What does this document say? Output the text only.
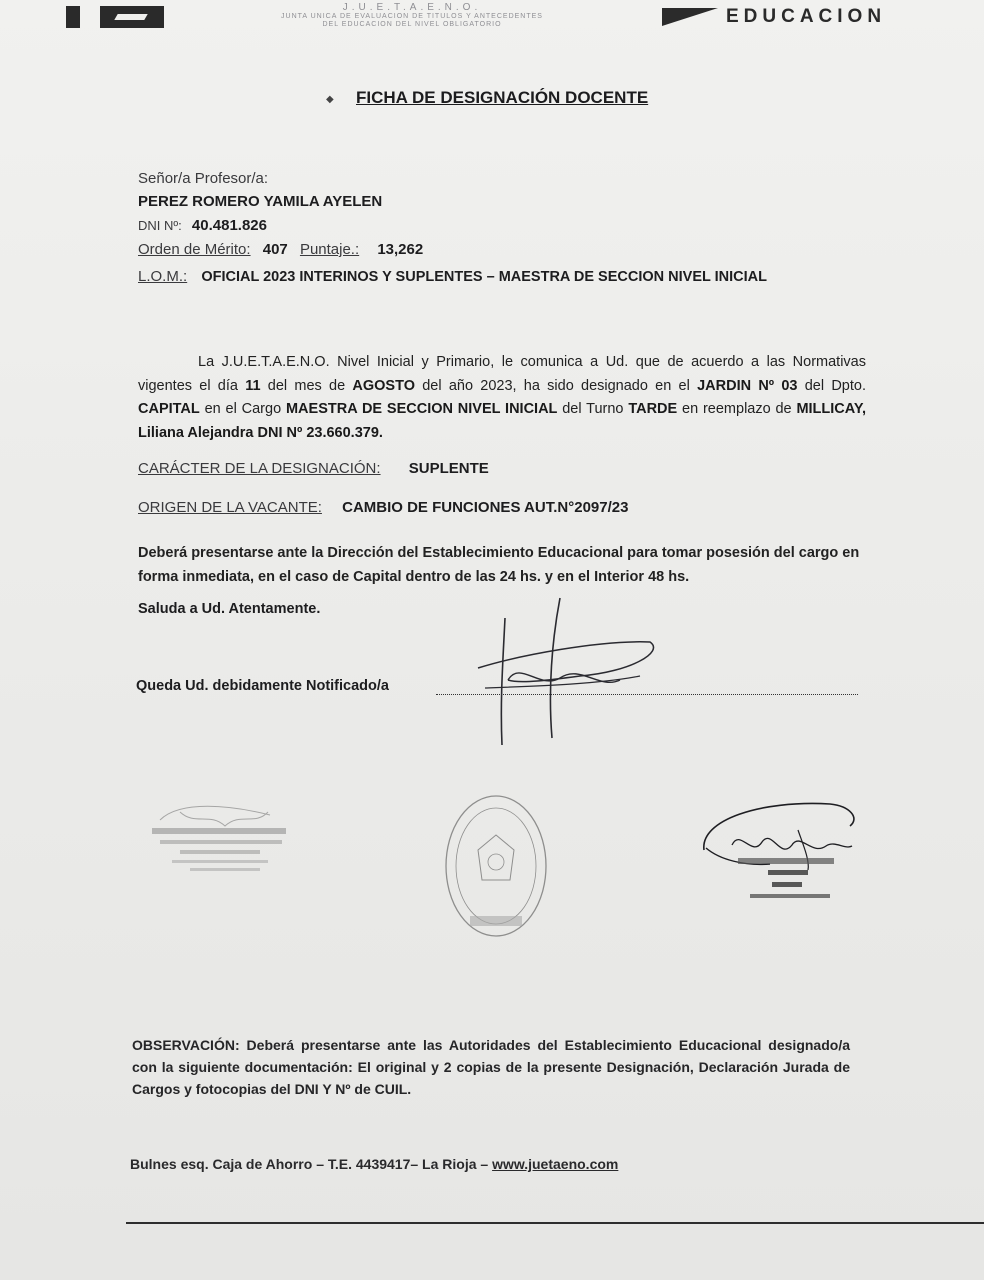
J.U.E.T.A.E.N.O.
JUNTA UNICA DE EVALUACION DE TITULOS Y ANTECEDENTES
DEL EDUCACION DEL NIVEL OBLIGATORIO	EDUCACION
◆ FICHA DE DESIGNACIÓN DOCENTE
Señor/a Profesor/a:
PEREZ ROMERO YAMILA AYELEN
DNI Nº: 40.481.826
Orden de Mérito: 407 Puntaje.: 13,262
L.O.M.: OFICIAL 2023 INTERINOS Y SUPLENTES – MAESTRA DE SECCION NIVEL INICIAL
La J.U.E.T.A.E.N.O. Nivel Inicial y Primario, le comunica a Ud. que de acuerdo a las Normativas vigentes el día 11 del mes de AGOSTO del año 2023, ha sido designado en el JARDIN Nº 03 del Dpto. CAPITAL en el Cargo MAESTRA DE SECCION NIVEL INICIAL del Turno TARDE en reemplazo de MILLICAY, Liliana Alejandra DNI Nº 23.660.379.
CARÁCTER DE LA DESIGNACIÓN: SUPLENTE
ORIGEN DE LA VACANTE: CAMBIO DE FUNCIONES AUT.N°2097/23
Deberá presentarse ante la Dirección del Establecimiento Educacional para tomar posesión del cargo en forma inmediata, en el caso de Capital dentro de las 24 hs. y en el Interior 48 hs.
Saluda a Ud. Atentamente.
Queda Ud. debidamente Notificado/a
OBSERVACIÓN: Deberá presentarse ante las Autoridades del Establecimiento Educacional designado/a con la siguiente documentación: El original y 2 copias de la presente Designación, Declaración Jurada de Cargos y fotocopias del DNI Y Nº de CUIL.
Bulnes esq. Caja de Ahorro – T.E. 4439417– La Rioja – www.juetaeno.com
